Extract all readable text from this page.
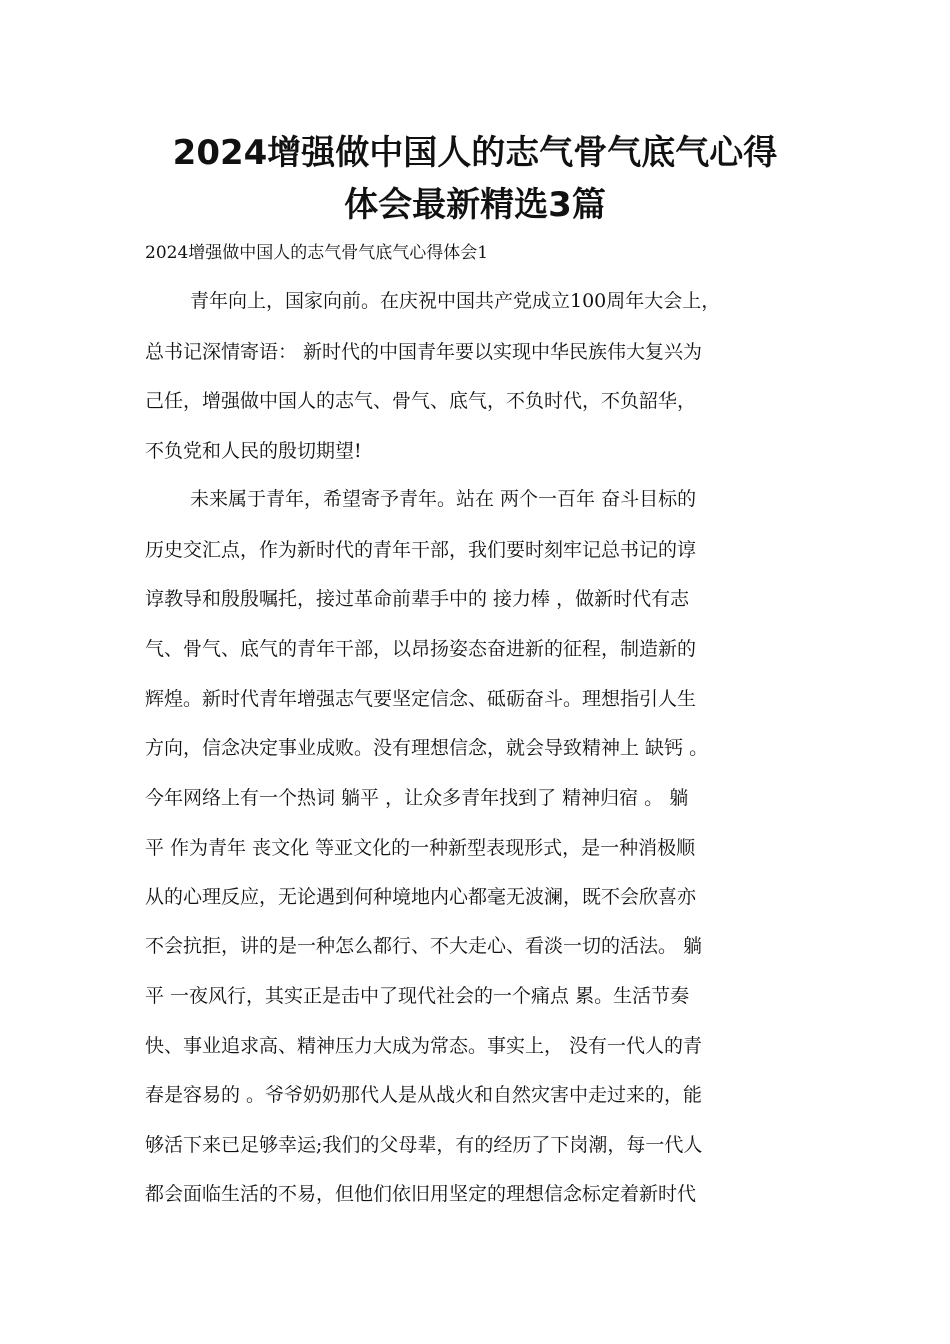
2024增强做中国人的志气骨气底气心得
体会最新精选3篇
2024增强做中国人的志气骨气底气心得体会1

青年向上，国家向前。在庆祝中国共产党成立100周年大会上，

总书记深情寄语： 新时代的中国青年要以实现中华民族伟大复兴为

己任，增强做中国人的志气、骨气、底气，不负时代，不负韶华，

不负党和人民的殷切期望!

未来属于青年，希望寄予青年。站在 两个一百年 奋斗目标的

历史交汇点，作为新时代的青年干部，我们要时刻牢记总书记的谆

谆教导和殷殷嘱托，接过革命前辈手中的 接力棒 ，做新时代有志

气、骨气、底气的青年干部，以昂扬姿态奋进新的征程，制造新的

辉煌。新时代青年增强志气要坚定信念、砥砺奋斗。理想指引人生

方向，信念决定事业成败。没有理想信念，就会导致精神上 缺钙 。

今年网络上有一个热词 躺平 ，让众多青年找到了 精神归宿 。 躺

平 作为青年 丧文化 等亚文化的一种新型表现形式，是一种消极顺

从的心理反应，无论遇到何种境地内心都毫无波澜，既不会欣喜亦

不会抗拒，讲的是一种怎么都行、不大走心、看淡一切的活法。 躺

平 一夜风行，其实正是击中了现代社会的一个痛点 累。生活节奏

快、事业追求高、精神压力大成为常态。事实上， 没有一代人的青

春是容易的 。爷爷奶奶那代人是从战火和自然灾害中走过来的，能

够活下来已足够幸运;我们的父母辈，有的经历了下岗潮，每一代人

都会面临生活的不易，但他们依旧用坚定的理想信念标定着新时代
